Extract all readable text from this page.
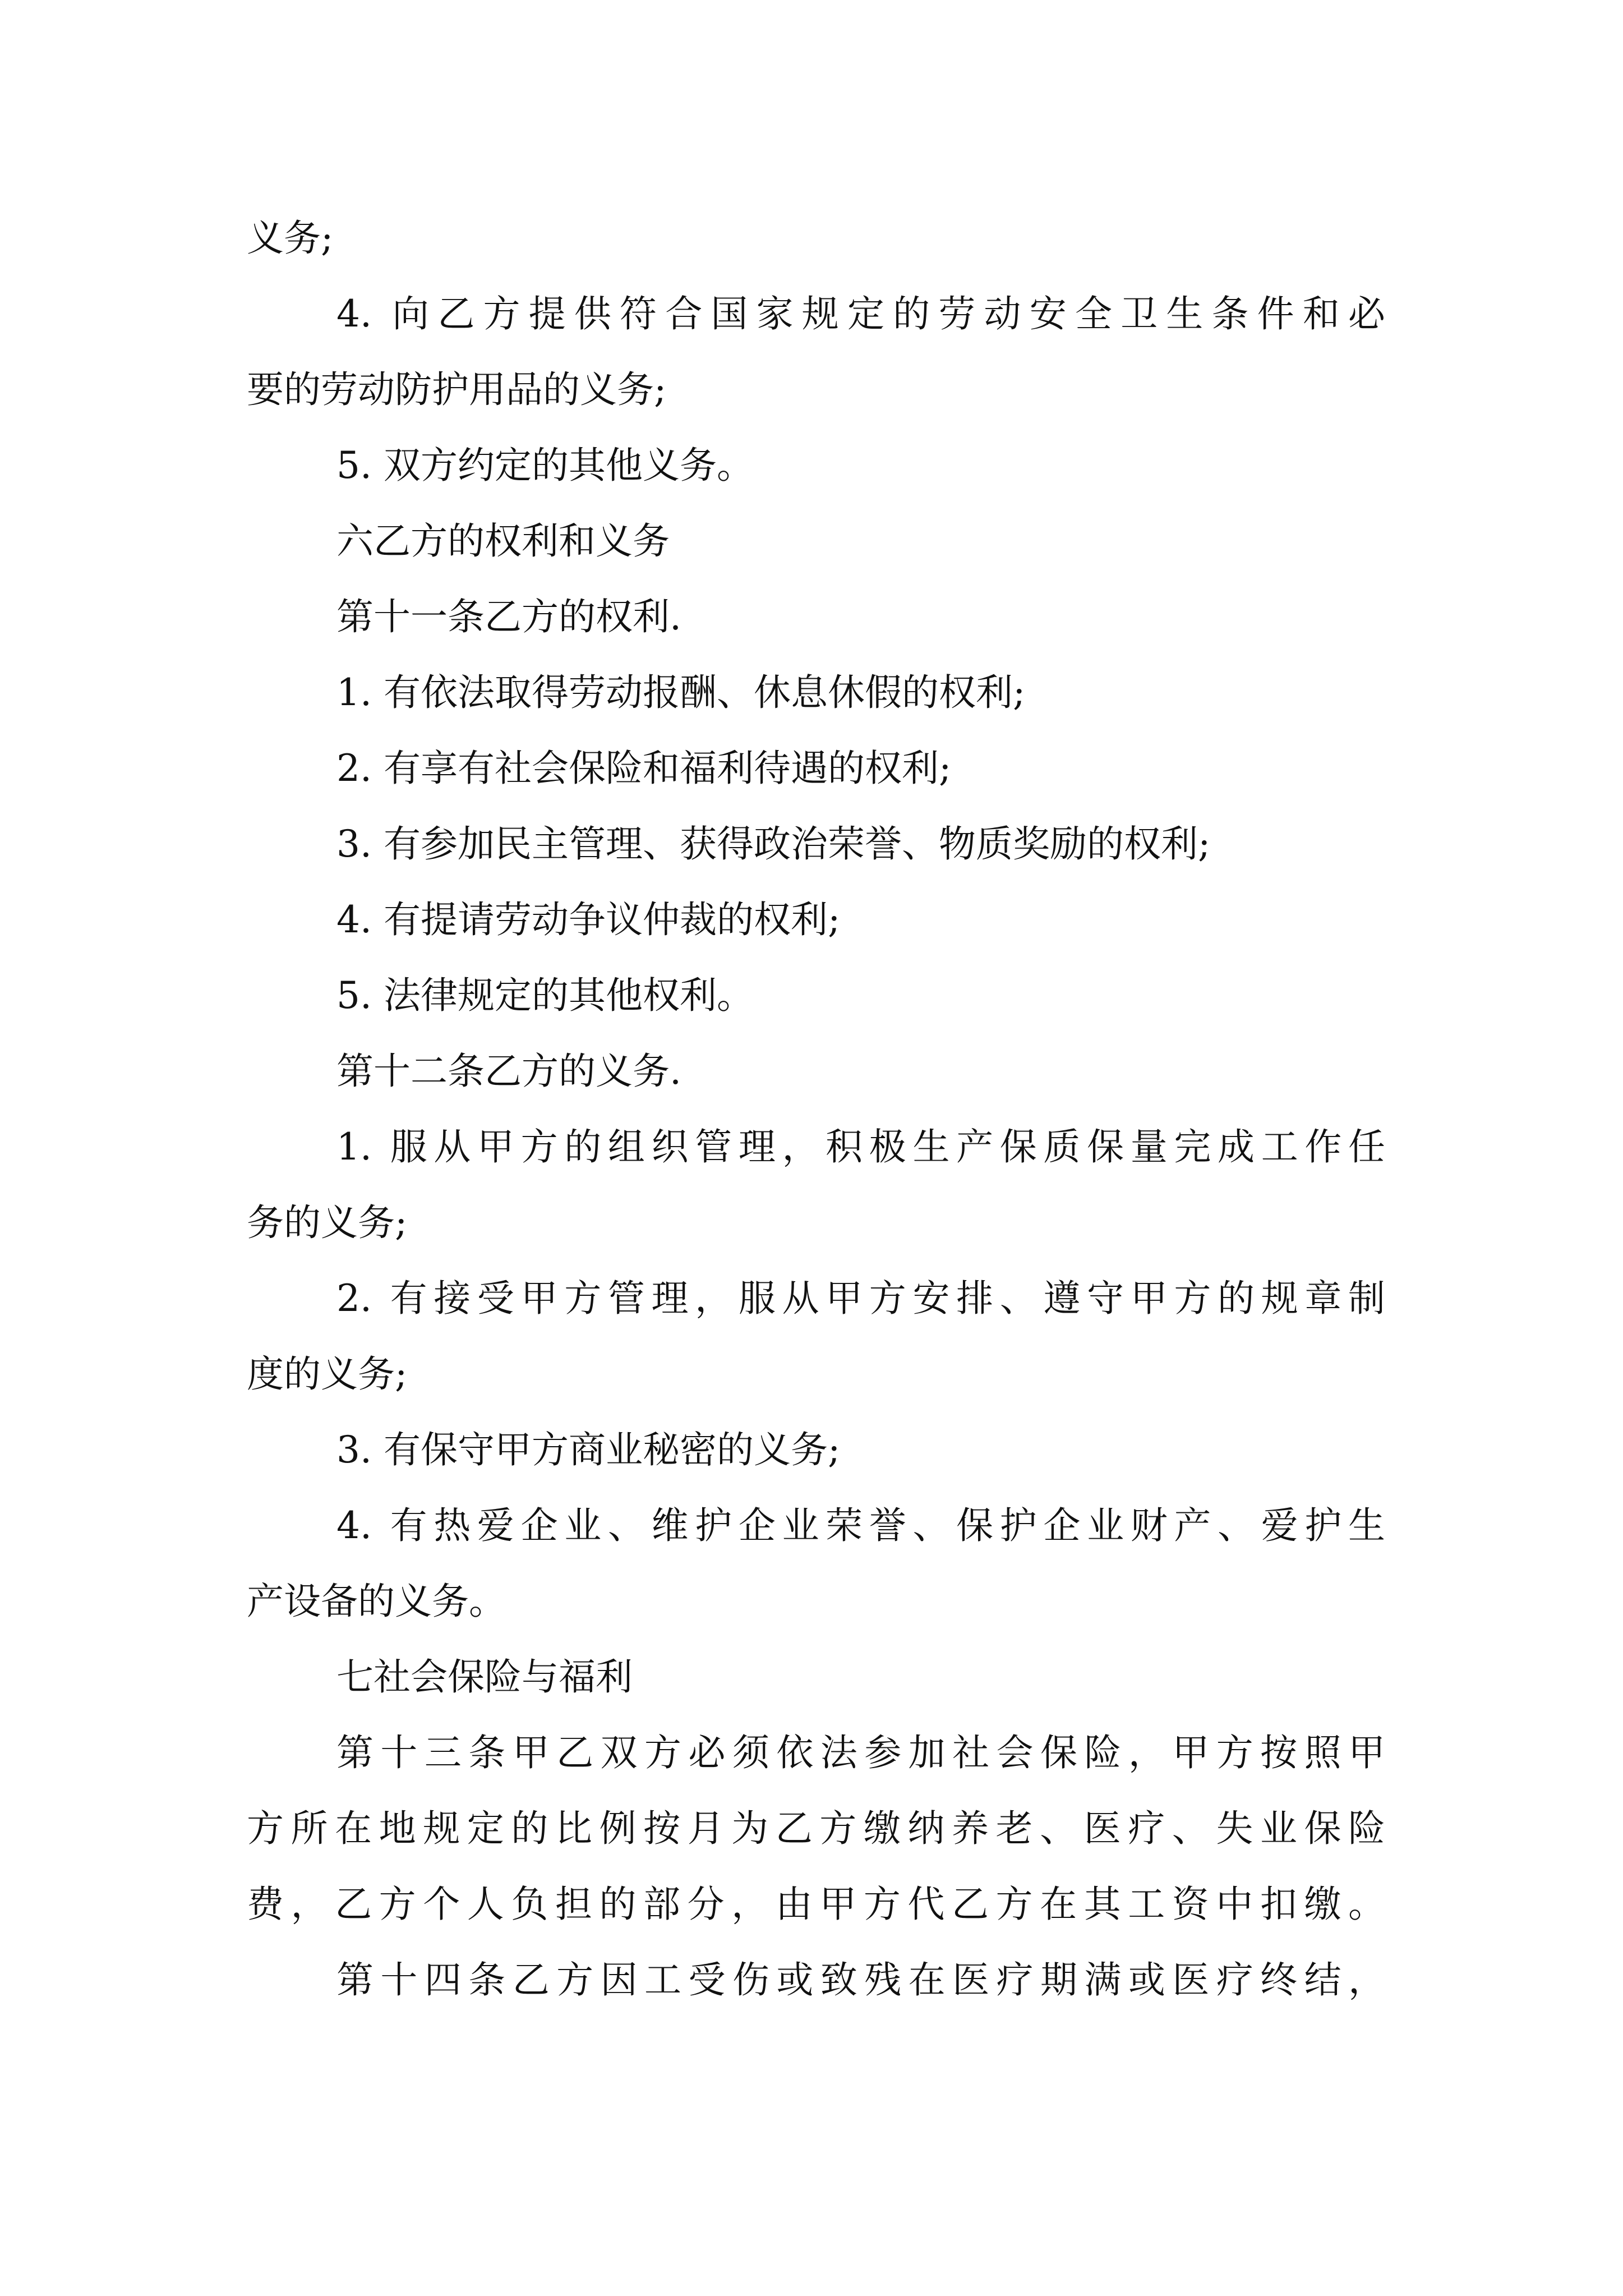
义务;
4. 向乙方提供符合国家规定的劳动安全卫生条件和必
要的劳动防护用品的义务;
5. 双方约定的其他义务。
六乙方的权利和义务
第十一条乙方的权利.
1. 有依法取得劳动报酬、休息休假的权利;
2. 有享有社会保险和福利待遇的权利;
3. 有参加民主管理、获得政治荣誉、物质奖励的权利;
4. 有提请劳动争议仲裁的权利;
5. 法律规定的其他权利。
第十二条乙方的义务.
1. 服从甲方的组织管理，积极生产保质保量完成工作任
务的义务;
2. 有接受甲方管理，服从甲方安排、遵守甲方的规章制
度的义务;
3. 有保守甲方商业秘密的义务;
4. 有热爱企业、维护企业荣誉、保护企业财产、爱护生
产设备的义务。
七社会保险与福利
第十三条甲乙双方必须依法参加社会保险，甲方按照甲
方所在地规定的比例按月为乙方缴纳养老、医疗、失业保险
费，乙方个人负担的部分，由甲方代乙方在其工资中扣缴。
第十四条乙方因工受伤或致残在医疗期满或医疗终结，
